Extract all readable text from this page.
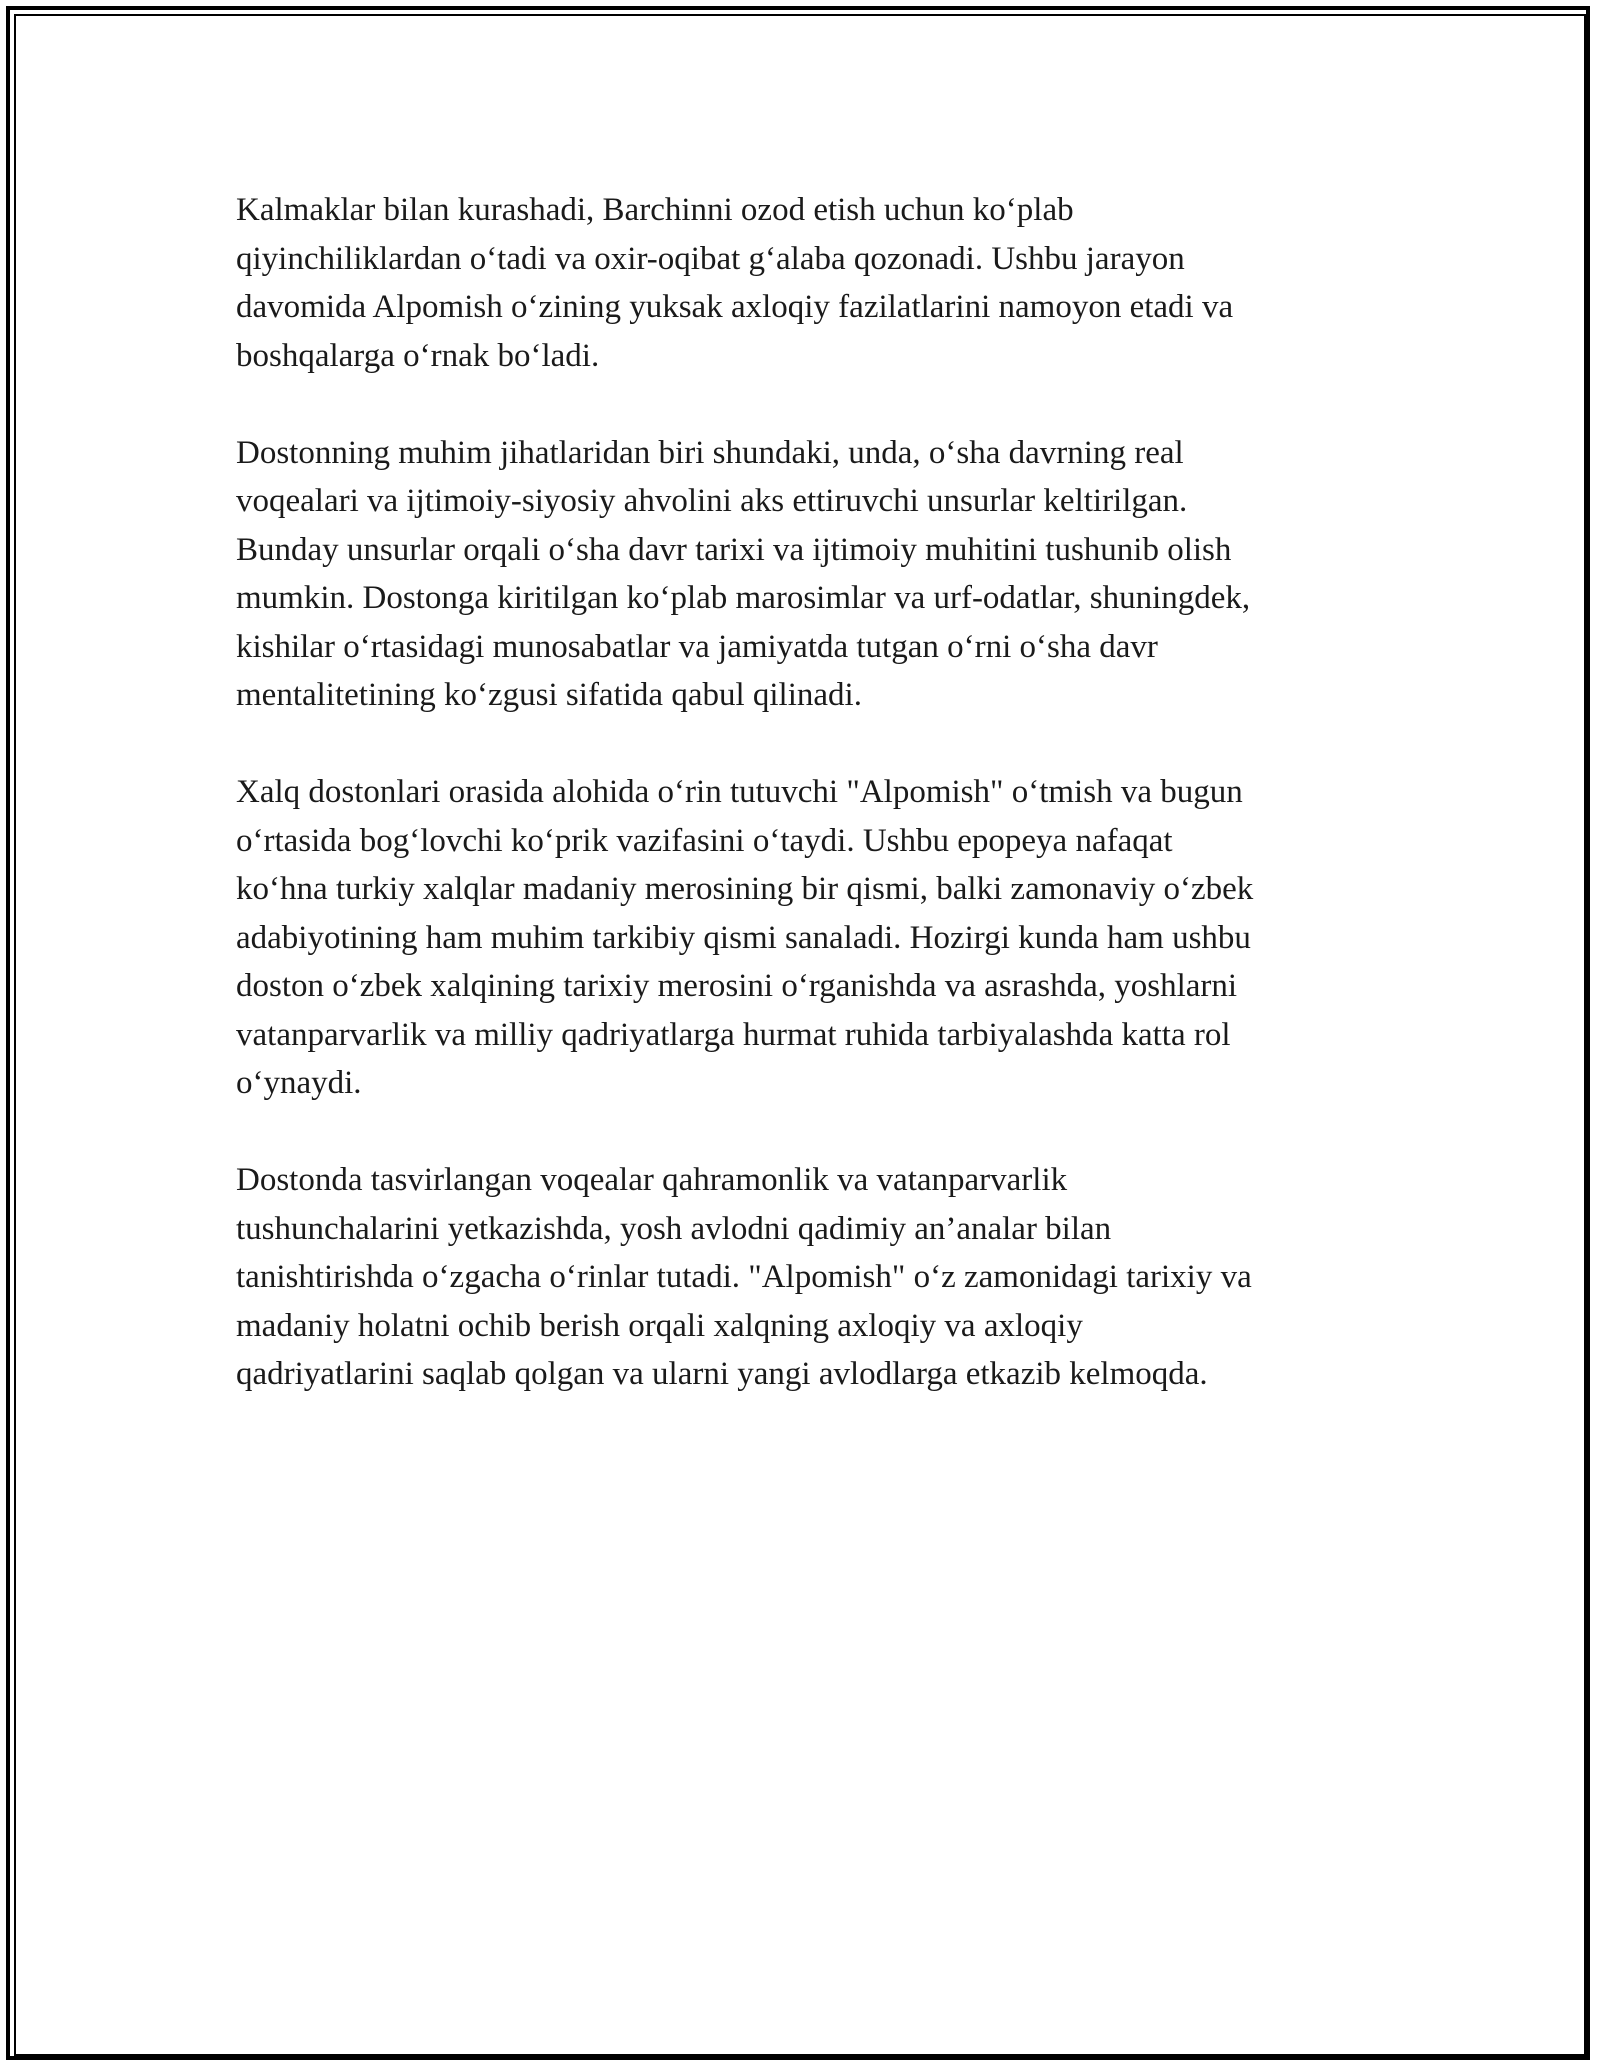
Kalmaklar bilan kurashadi, Barchinni ozod etish uchun ko‘plab
qiyinchiliklardan o‘tadi va oxir-oqibat g‘alaba qozonadi. Ushbu jarayon
davomida Alpomish o‘zining yuksak axloqiy fazilatlarini namoyon etadi va
boshqalarga o‘rnak bo‘ladi.

Dostonning muhim jihatlaridan biri shundaki, unda, o‘sha davrning real
voqealari va ijtimoiy-siyosiy ahvolini aks ettiruvchi unsurlar keltirilgan.
Bunday unsurlar orqali o‘sha davr tarixi va ijtimoiy muhitini tushunib olish
mumkin. Dostonga kiritilgan ko‘plab marosimlar va urf-odatlar, shuningdek,
kishilar o‘rtasidagi munosabatlar va jamiyatda tutgan o‘rni o‘sha davr
mentalitetining ko‘zgusi sifatida qabul qilinadi.

Xalq dostonlari orasida alohida o‘rin tutuvchi "Alpomish" o‘tmish va bugun
o‘rtasida bog‘lovchi ko‘prik vazifasini o‘taydi. Ushbu epopeya nafaqat
ko‘hna turkiy xalqlar madaniy merosining bir qismi, balki zamonaviy o‘zbek
adabiyotining ham muhim tarkibiy qismi sanaladi. Hozirgi kunda ham ushbu
doston o‘zbek xalqining tarixiy merosini o‘rganishda va asrashda, yoshlarni
vatanparvarlik va milliy qadriyatlarga hurmat ruhida tarbiyalashda katta rol
o‘ynaydi.

Dostonda tasvirlangan voqealar qahramonlik va vatanparvarlik
tushunchalarini yetkazishda, yosh avlodni qadimiy an’analar bilan
tanishtirishda o‘zgacha o‘rinlar tutadi. "Alpomish" o‘z zamonidagi tarixiy va
madaniy holatni ochib berish orqali xalqning axloqiy va axloqiy
qadriyatlarini saqlab qolgan va ularni yangi avlodlarga etkazib kelmoqda.
